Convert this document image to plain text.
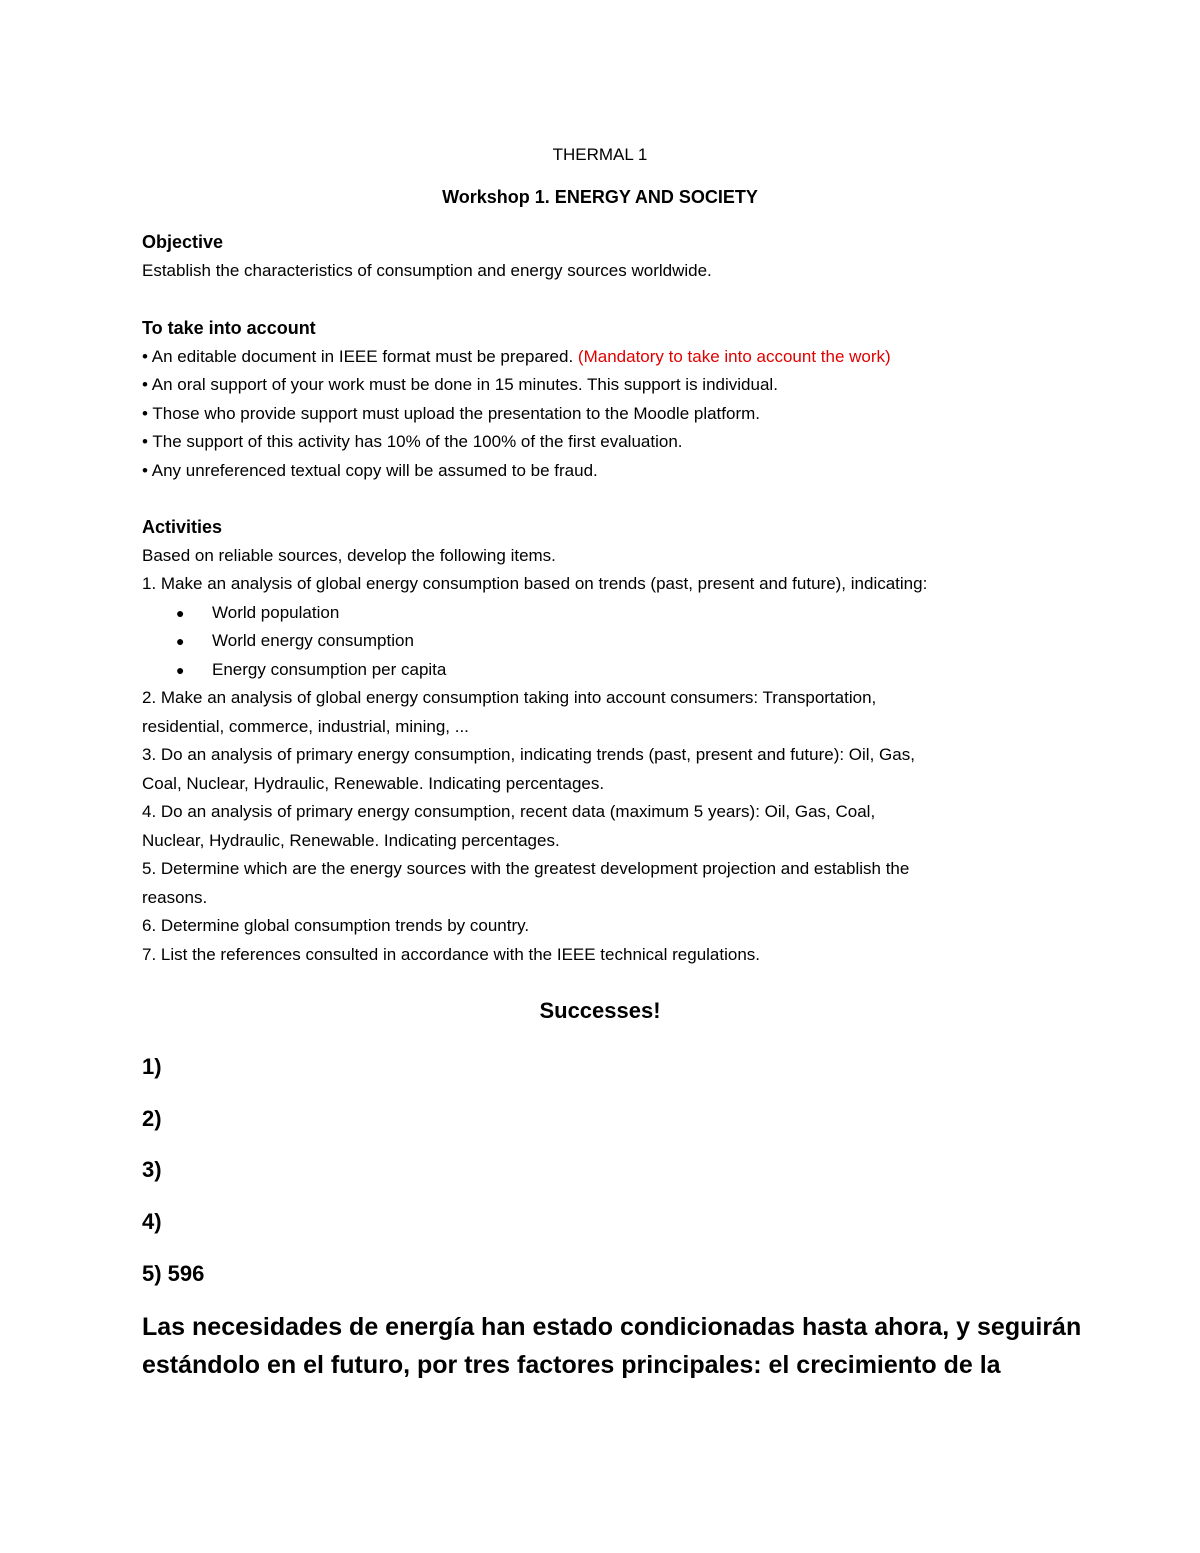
THERMAL 1
Workshop 1. ENERGY AND SOCIETY
Objective
Establish the characteristics of consumption and energy sources worldwide.
To take into account
• An editable document in IEEE format must be prepared. (Mandatory to take into account the work)
• An oral support of your work must be done in 15 minutes. This support is individual.
• Those who provide support must upload the presentation to the Moodle platform.
• The support of this activity has 10% of the 100% of the first evaluation.
• Any unreferenced textual copy will be assumed to be fraud.
Activities
Based on reliable sources, develop the following items.
1. Make an analysis of global energy consumption based on trends (past, present and future), indicating:
● World population
● World energy consumption
● Energy consumption per capita
2. Make an analysis of global energy consumption taking into account consumers: Transportation,
residential, commerce, industrial, mining, ...
3. Do an analysis of primary energy consumption, indicating trends (past, present and future): Oil, Gas,
Coal, Nuclear, Hydraulic, Renewable. Indicating percentages.
4. Do an analysis of primary energy consumption, recent data (maximum 5 years): Oil, Gas, Coal,
Nuclear, Hydraulic, Renewable. Indicating percentages.
5. Determine which are the energy sources with the greatest development projection and establish the
reasons.
6. Determine global consumption trends by country.
7. List the references consulted in accordance with the IEEE technical regulations.
Successes!
1)
2)
3)
4)
5) 596
Las necesidades de energía han estado condicionadas hasta ahora, y seguirán
estándolo en el futuro, por tres factores principales: el crecimiento de la
